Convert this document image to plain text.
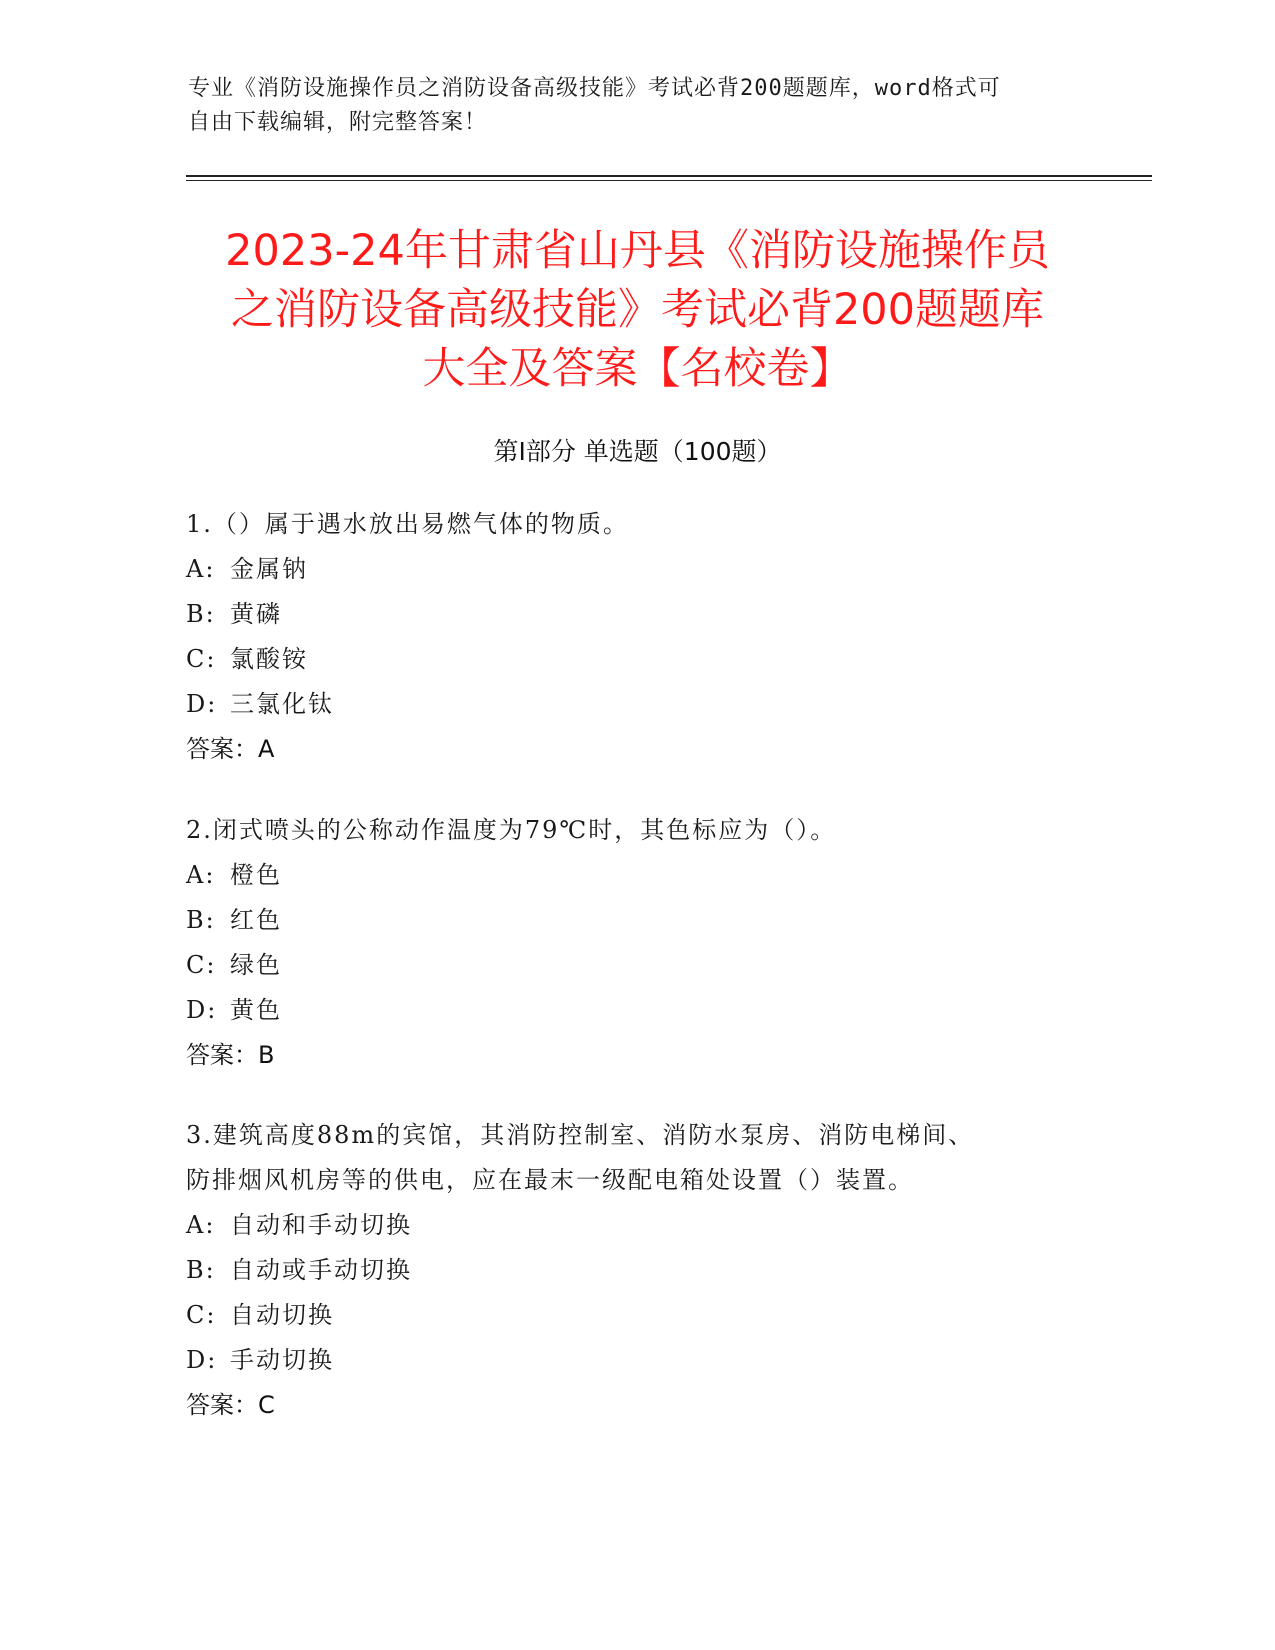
专业《消防设施操作员之消防设备高级技能》考试必背200题题库，word格式可
自由下载编辑，附完整答案！
2023-24年甘肃省山丹县《消防设施操作员
之消防设备高级技能》考试必背200题题库
大全及答案【名校卷】
第Ⅰ部分 单选题（100题）
1.（）属于遇水放出易燃气体的物质。
A: 金属钠
B: 黄磷
C: 氯酸铵
D: 三氯化钛
答案：A
2.闭式喷头的公称动作温度为79℃时，其色标应为（）。
A: 橙色
B: 红色
C: 绿色
D: 黄色
答案：B
3.建筑高度88m的宾馆，其消防控制室、消防水泵房、消防电梯间、
防排烟风机房等的供电，应在最末一级配电箱处设置（）装置。
A: 自动和手动切换
B: 自动或手动切换
C: 自动切换
D: 手动切换
答案：C
